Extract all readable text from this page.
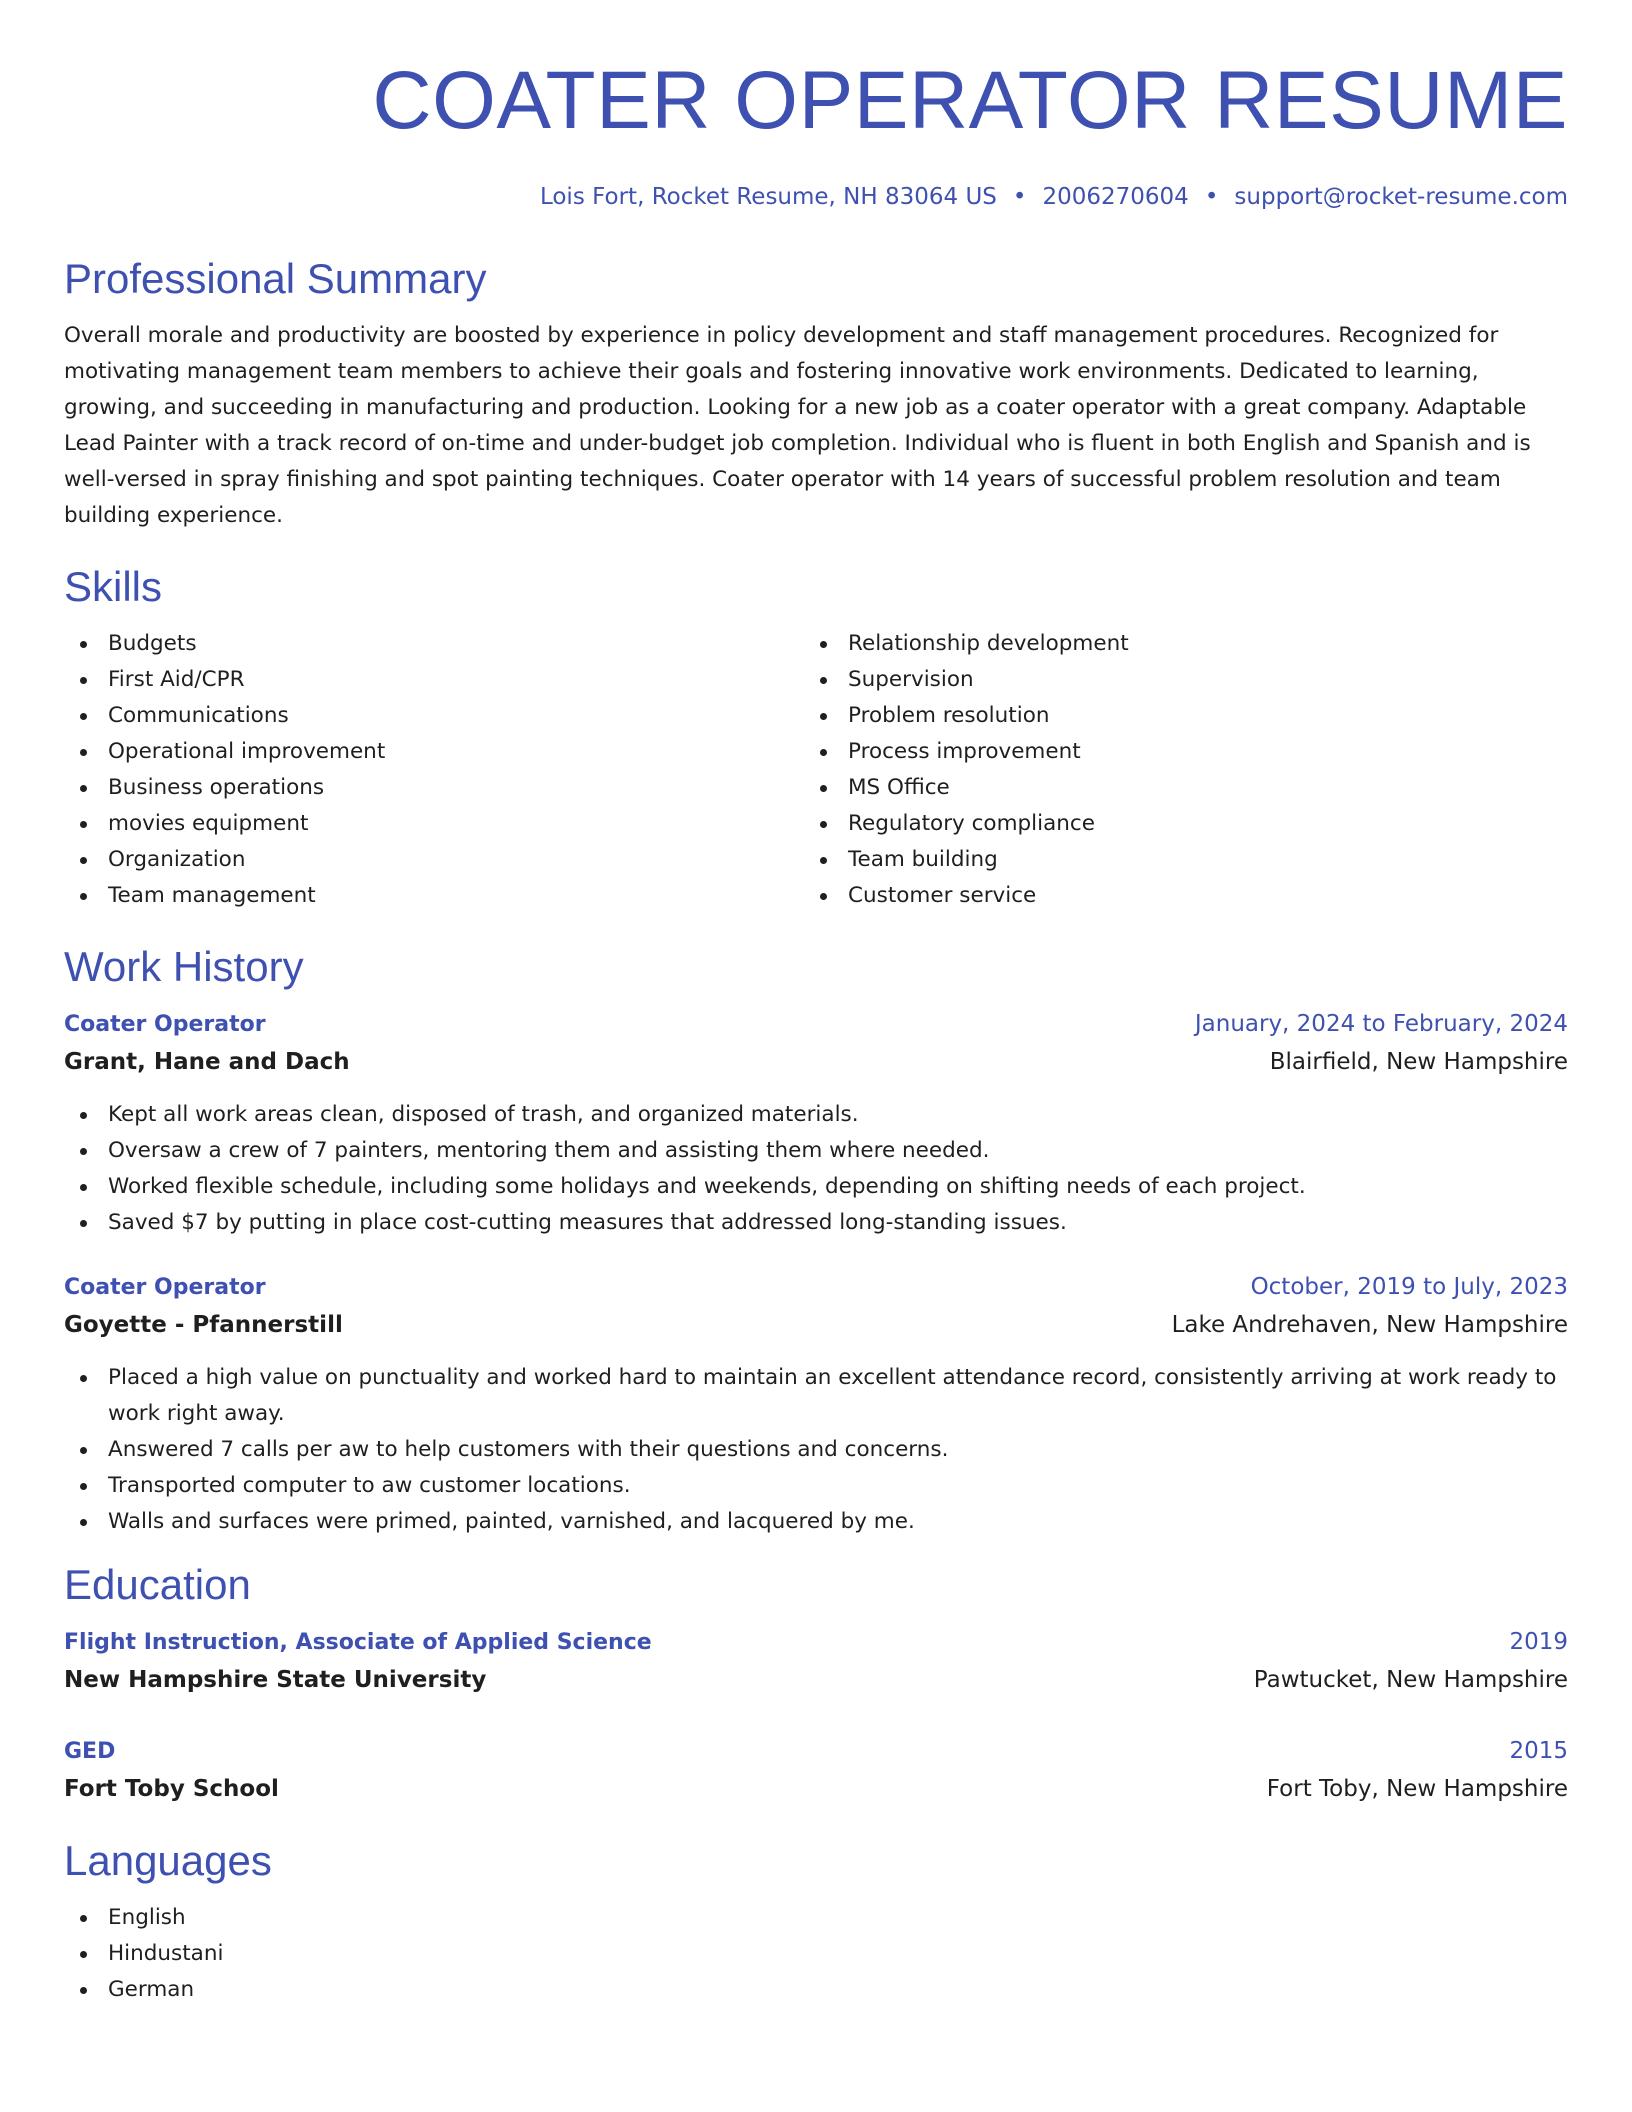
COATER OPERATOR RESUME
Lois Fort, Rocket Resume, NH 83064 US • 2006270604 • support@rocket-resume.com
Professional Summary

Overall morale and productivity are boosted by experience in policy development and staff management procedures. Recognized for motivating management team members to achieve their goals and fostering innovative work environments. Dedicated to learning, growing, and succeeding in manufacturing and production. Looking for a new job as a coater operator with a great company. Adaptable Lead Painter with a track record of on-time and under-budget job completion. Individual who is fluent in both English and Spanish and is well-versed in spray finishing and spot painting techniques. Coater operator with 14 years of successful problem resolution and team building experience.

Skills
Budgets
First Aid/CPR
Communications
Operational improvement
Business operations
movies equipment
Organization
Team management
Relationship development
Supervision
Problem resolution
Process improvement
MS Office
Regulatory compliance
Team building
Customer service
Work History
Coater Operator	January, 2024 to February, 2024
Grant, Hane and Dach	Blairfield, New Hampshire
Kept all work areas clean, disposed of trash, and organized materials.
Oversaw a crew of 7 painters, mentoring them and assisting them where needed.
Worked flexible schedule, including some holidays and weekends, depending on shifting needs of each project.
Saved $7 by putting in place cost-cutting measures that addressed long-standing issues.
Coater Operator	October, 2019 to July, 2023
Goyette - Pfannerstill	Lake Andrehaven, New Hampshire
Placed a high value on punctuality and worked hard to maintain an excellent attendance record, consistently arriving at work ready to work right away.
Answered 7 calls per aw to help customers with their questions and concerns.
Transported computer to aw customer locations.
Walls and surfaces were primed, painted, varnished, and lacquered by me.
Education
Flight Instruction, Associate of Applied Science	2019
New Hampshire State University	Pawtucket, New Hampshire
GED	2015
Fort Toby School	Fort Toby, New Hampshire
Languages
English
Hindustani
German
